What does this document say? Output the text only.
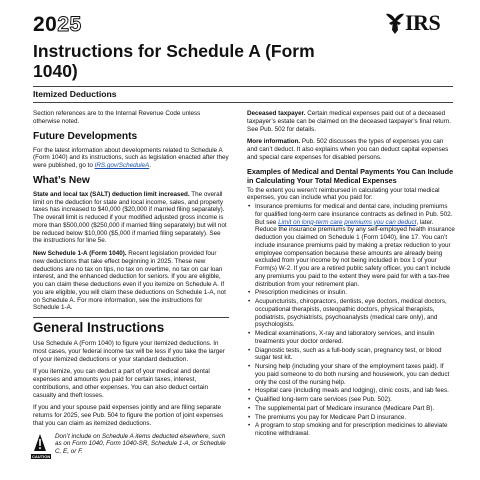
2025	IRS
Instructions for Schedule A (Form 1040)
Itemized Deductions

Section references are to the Internal Revenue Code unless otherwise noted.

Future Developments

For the latest information about developments related to Schedule A (Form 1040) and its instructions, such as legislation enacted after they were published, go to IRS.gov/ScheduleA.

What’s New

State and local tax (SALT) deduction limit increased. The overall limit on the deduction for state and local income, sales, and property taxes has increased to $40,000 ($20,000 if married filing separately). The overall limit is reduced if your modified adjusted gross income is more than $500,000 ($250,000 if married filing separately) but will not be reduced below $10,000 ($5,000 if married filing separately). See the instructions for line 5e.

New Schedule 1-A (Form 1040). Recent legislation provided four new deductions that take effect beginning in 2025. These new deductions are no tax on tips, no tax on overtime, no tax on car loan interest, and the enhanced deduction for seniors. If you are eligible, you can claim these deductions even if you itemize on Schedule A. If you are eligible, you will claim these deductions on Schedule 1-A, not on Schedule A. For more information, see the instructions for Schedule 1-A.

General Instructions

Use Schedule A (Form 1040) to figure your itemized deductions. In most cases, your federal income tax will be less if you take the larger of your itemized deductions or your standard deduction.

If you itemize, you can deduct a part of your medical and dental expenses and amounts you paid for certain taxes, interest, contributions, and other expenses. You can also deduct certain casualty and theft losses.

If you and your spouse paid expenses jointly and are filing separate returns for 2025, see Pub. 504 to figure the portion of joint expenses that you can claim as itemized deductions.

CAUTION
Don’t include on Schedule A items deducted elsewhere, such as on Form 1040, Form 1040-SR, Schedule 1-A, or Schedule C, E, or F.

Deceased taxpayer. Certain medical expenses paid out of a deceased taxpayer’s estate can be claimed on the deceased taxpayer’s final return. See Pub. 502 for details.

More information. Pub. 502 discusses the types of expenses you can and can’t deduct. It also explains when you can deduct capital expenses and special care expenses for disabled persons.

Examples of Medical and Dental Payments You Can Include in Calculating Your Total Medical Expenses

To the extent you weren’t reimbursed in calculating your total medical expenses, you can include what you paid for:

• Insurance premiums for medical and dental care, including premiums for qualified long-term care insurance contracts as defined in Pub. 502. But see Limit on long-term care premiums you can deduct, later. Reduce the insurance premiums by any self-employed health insurance deduction you claimed on Schedule 1 (Form 1040), line 17. You can’t include insurance premiums paid by making a pretax reduction to your employee compensation because these amounts are already being excluded from your income by not being included in box 1 of your Form(s) W-2. If you are a retired public safety officer, you can’t include any premiums you paid to the extent they were paid for with a tax-free distribution from your retirement plan.
• Prescription medicines or insulin.
• Acupuncturists, chiropractors, dentists, eye doctors, medical doctors, occupational therapists, osteopathic doctors, physical therapists, podiatrists, psychiatrists, psychoanalysts (medical care only), and psychologists.
• Medical examinations, X-ray and laboratory services, and insulin treatments your doctor ordered.
• Diagnostic tests, such as a full-body scan, pregnancy test, or blood sugar test kit.
• Nursing help (including your share of the employment taxes paid). If you paid someone to do both nursing and housework, you can deduct only the cost of the nursing help.
• Hospital care (including meals and lodging), clinic costs, and lab fees.
• Qualified long-term care services (see Pub. 502).
• The supplemental part of Medicare insurance (Medicare Part B).
• The premiums you pay for Medicare Part D insurance.
• A program to stop smoking and for prescription medicines to alleviate nicotine withdrawal.
